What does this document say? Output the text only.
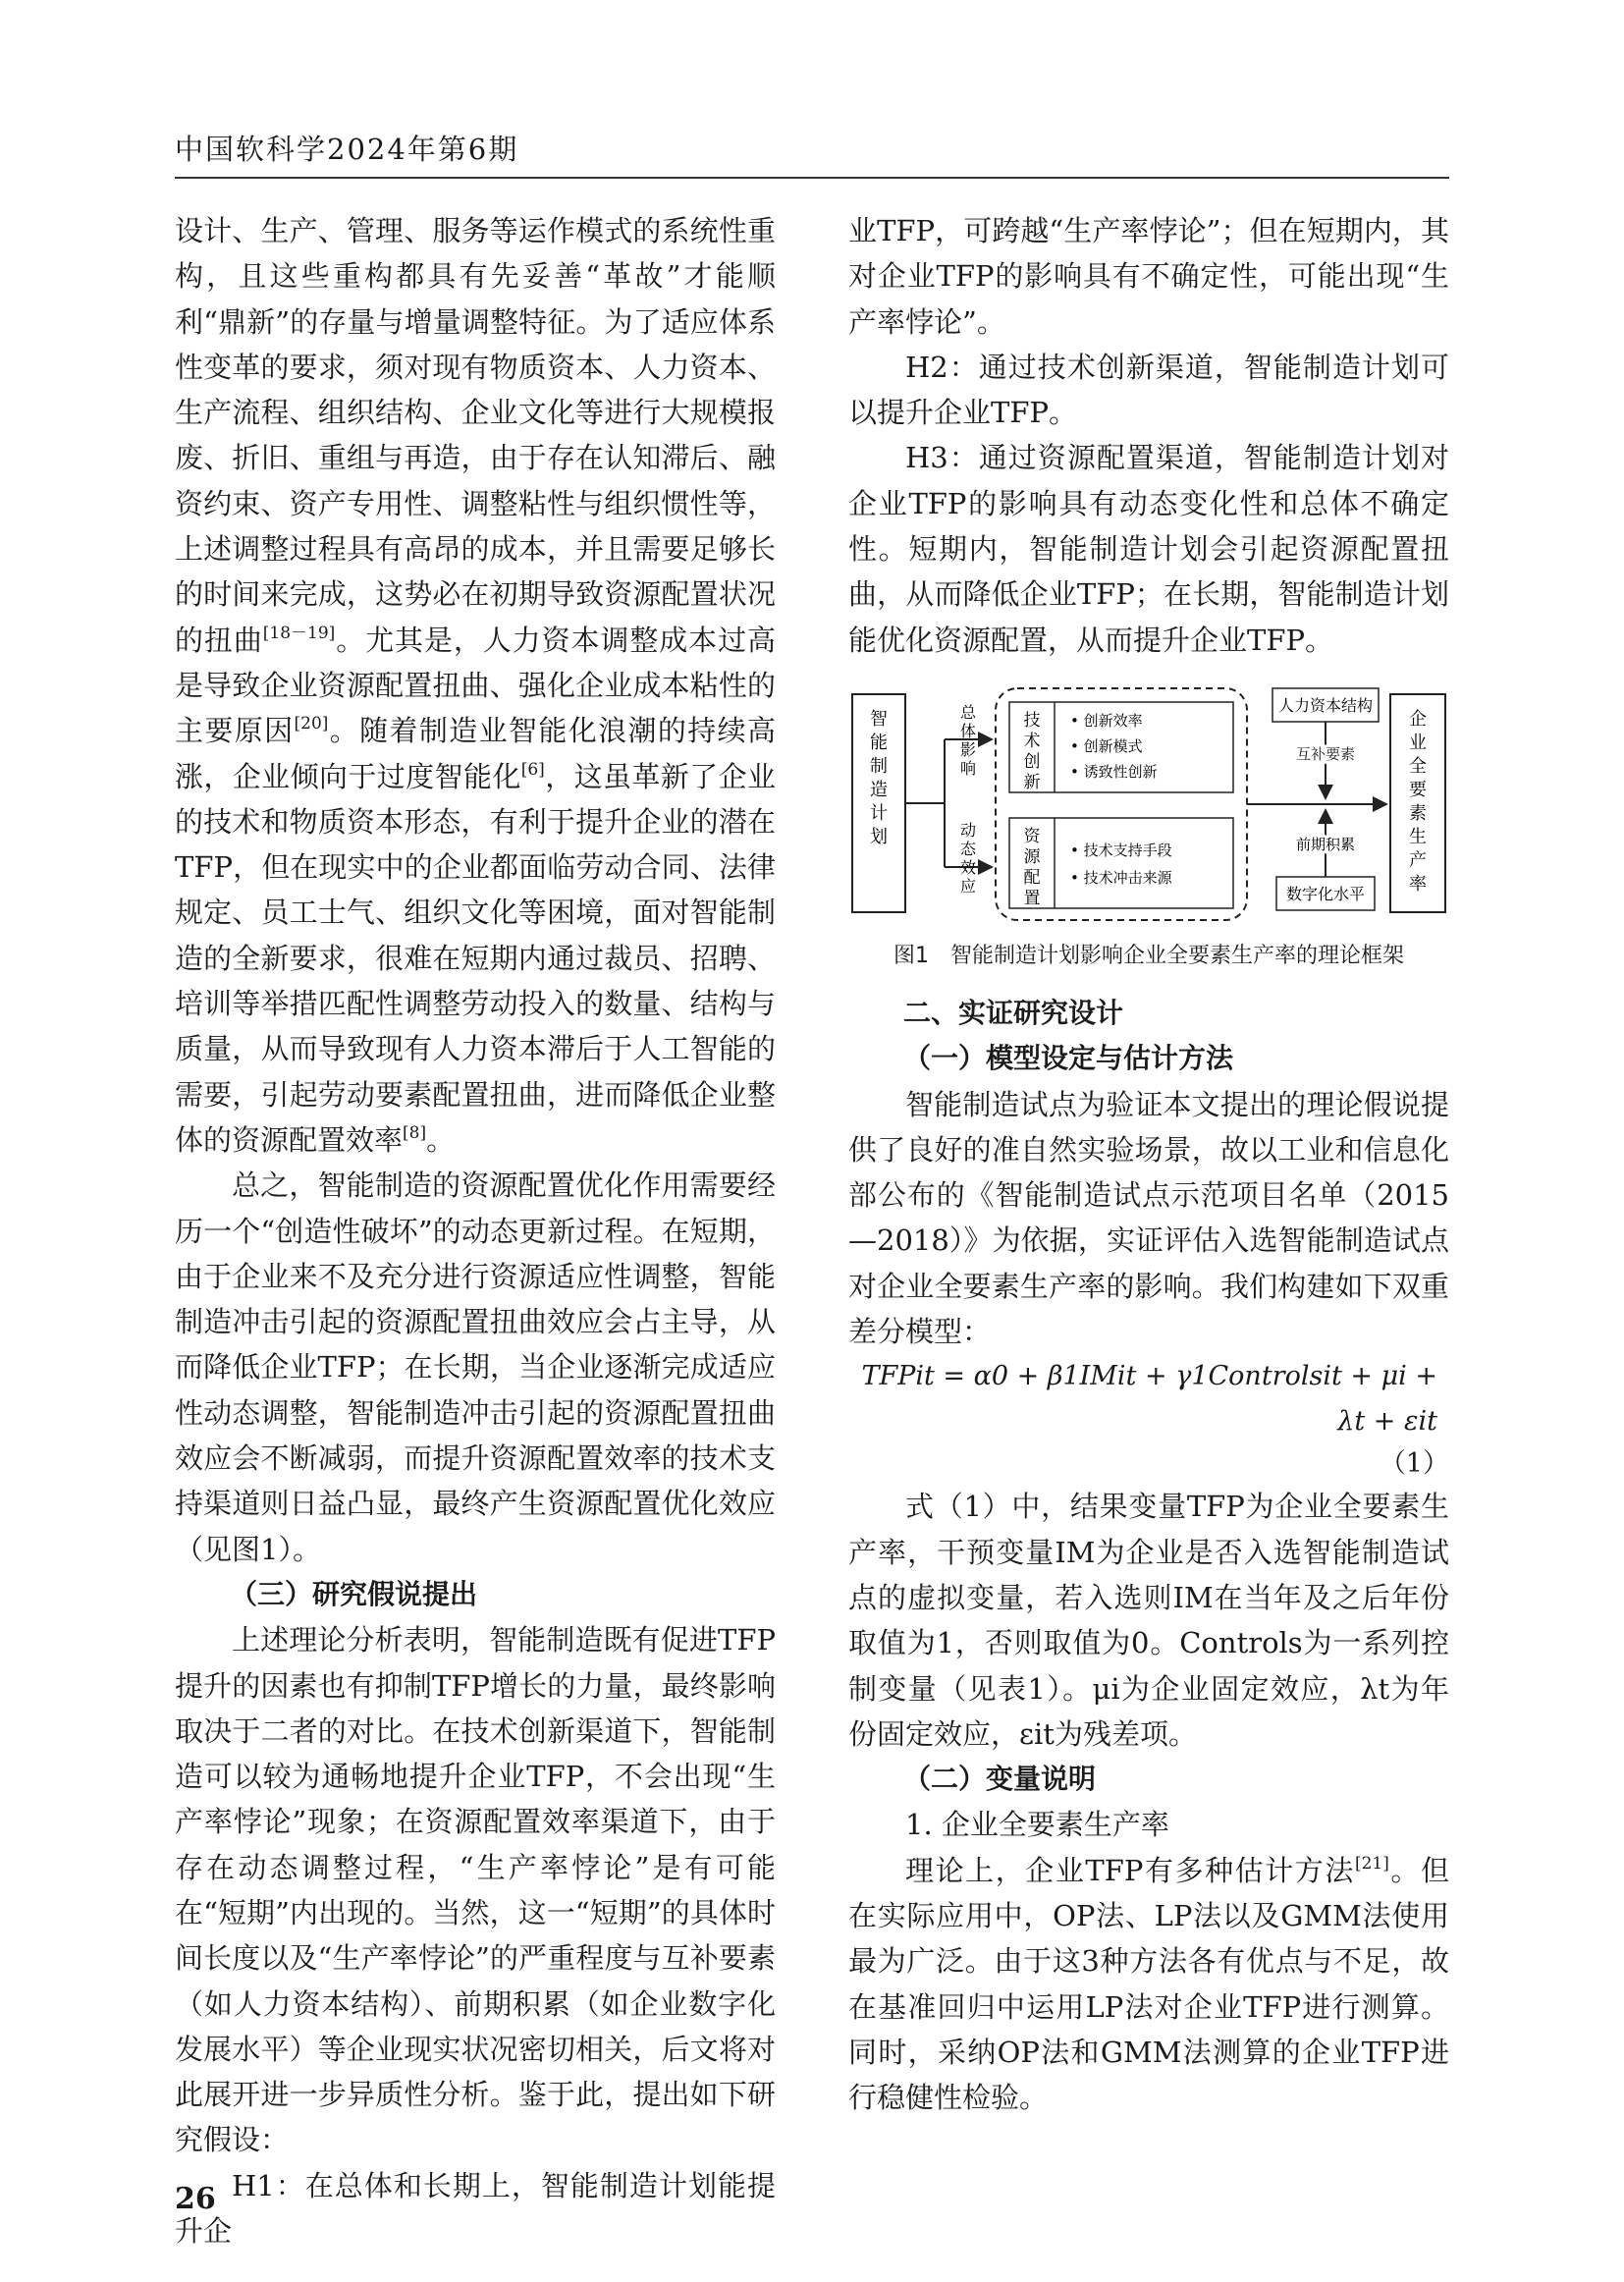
中国软科学2024年第6期

设计、生产、管理、服务等运作模式的系统性重构，且这些重构都具有先妥善“革故”才能顺利“鼎新”的存量与增量调整特征。为了适应体系性变革的要求，须对现有物质资本、人力资本、生产流程、组织结构、企业文化等进行大规模报废、折旧、重组与再造，由于存在认知滞后、融资约束、资产专用性、调整粘性与组织惯性等，上述调整过程具有高昂的成本，并且需要足够长的时间来完成，这势必在初期导致资源配置状况的扭曲[18－19]。尤其是，人力资本调整成本过高是导致企业资源配置扭曲、强化企业成本粘性的主要原因[20]。随着制造业智能化浪潮的持续高涨，企业倾向于过度智能化[6]，这虽革新了企业的技术和物质资本形态，有利于提升企业的潜在TFP，但在现实中的企业都面临劳动合同、法律规定、员工士气、组织文化等困境，面对智能制造的全新要求，很难在短期内通过裁员、招聘、培训等举措匹配性调整劳动投入的数量、结构与质量，从而导致现有人力资本滞后于人工智能的需要，引起劳动要素配置扭曲，进而降低企业整体的资源配置效率[8]。

总之，智能制造的资源配置优化作用需要经历一个“创造性破坏”的动态更新过程。在短期，由于企业来不及充分进行资源适应性调整，智能制造冲击引起的资源配置扭曲效应会占主导，从而降低企业TFP；在长期，当企业逐渐完成适应性动态调整，智能制造冲击引起的资源配置扭曲效应会不断减弱，而提升资源配置效率的技术支持渠道则日益凸显，最终产生资源配置优化效应（见图1）。

（三）研究假说提出

上述理论分析表明，智能制造既有促进TFP提升的因素也有抑制TFP增长的力量，最终影响取决于二者的对比。在技术创新渠道下，智能制造可以较为通畅地提升企业TFP，不会出现“生产率悖论”现象；在资源配置效率渠道下，由于存在动态调整过程，“生产率悖论”是有可能在“短期”内出现的。当然，这一“短期”的具体时间长度以及“生产率悖论”的严重程度与互补要素（如人力资本结构）、前期积累（如企业数字化发展水平）等企业现实状况密切相关，后文将对此展开进一步异质性分析。鉴于此，提出如下研究假设：

H1：在总体和长期上，智能制造计划能提升企

业TFP，可跨越“生产率悖论”；但在短期内，其对企业TFP的影响具有不确定性，可能出现“生产率悖论”。

H2：通过技术创新渠道，智能制造计划可以提升企业TFP。

H3：通过资源配置渠道，智能制造计划对企业TFP的影响具有动态变化性和总体不确定性。短期内，智能制造计划会引起资源配置扭曲，从而降低企业TFP；在长期，智能制造计划能优化资源配置，从而提升企业TFP。

智能制造计划
总体影响
动态效应
技术创新
• 创新效率
• 创新模式
• 诱致性创新
资源配置
• 技术支持手段
• 技术冲击来源
人力资本结构
互补要素
数字化水平
前期积累
企业全要素生产率

图1　智能制造计划影响企业全要素生产率的理论框架

二、实证研究设计

（一）模型设定与估计方法

智能制造试点为验证本文提出的理论假说提供了良好的准自然实验场景，故以工业和信息化部公布的《智能制造试点示范项目名单（2015—2018）》为依据，实证评估入选智能制造试点对企业全要素生产率的影响。我们构建如下双重差分模型：

TFPit = α0 + β1IMit + γ1Controlsit + μi + λt + εit

（1）

式（1）中，结果变量TFP为企业全要素生产率，干预变量IM为企业是否入选智能制造试点的虚拟变量，若入选则IM在当年及之后年份取值为1，否则取值为0。Controls为一系列控制变量（见表1）。μi为企业固定效应，λt为年份固定效应，εit为残差项。

（二）变量说明

1. 企业全要素生产率

理论上，企业TFP有多种估计方法[21]。但在实际应用中，OP法、LP法以及GMM法使用最为广泛。由于这3种方法各有优点与不足，故在基准回归中运用LP法对企业TFP进行测算。同时，采纳OP法和GMM法测算的企业TFP进行稳健性检验。

26
